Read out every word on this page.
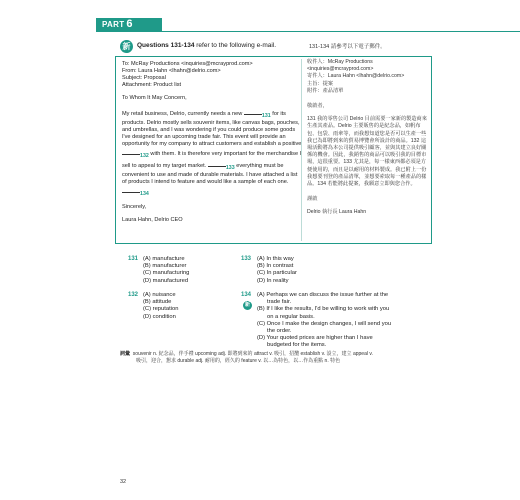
PART 6
新	Questions 131-134 refer to the following e-mail.	131-134 請參考以下電子郵件。
To: McRay Productions <inquiries@mcrayprod.com>
From: Laura Hahn <lhahn@delrio.com>
Subject: Proposal
Attachment: Product list
To Whom It May Concern,
My retail business, Delrio, currently needs a new	$_{131}$ for its products. Delrio mostly sells souvenir items, like canvas bags, pouches, and umbrellas, and I was wondering if you could produce some goods I've designed for an upcoming trade fair. This event will provide an opportunity for my company to attract customers and establish a positive $_{132}$ with them. It is therefore very important for the merchandise I sell to appeal to my target market.	$_{133}$ everything must be convenient to use and made of durable materials. I have attached a list of products I intend to feature and would like a sample of each one. $_{134}$
Sincerely,
Laura Hahn, Delrio CEO
收件人：McRay Productions
<inquiries@mcrayprod.com>
寄件人：Laura Hahn <lhahn@delrio.com>
主旨：提案
附件：產品清單
敬啟者，
131 我的零售公司 Delrio 目前需要一家新的製造商來生產其產品。Delrio 主要販售的是紀念品，如帆布包、包袋、雨傘等，而我想知道您是否可以生產一些我已為即將到來的貿易博覽會所設計的商品。132 這場活動將為本公司提供吸引顧客，並與其建立良好關係的機會。因此，我銷售的商品可以吸引我的目標市場，這很重要。133 尤其是，每一樣東西都必須是方便使用的，而且是以耐用的材料製成。我已附上一份我想要刊登的產品清單，並想要索取每一種產品的樣品。134 若能將此提案，我願意立即與您合作。
謹啟
Delrio 執行長 Laura Hahn
131 (A) manufacture
(B) manufacturer
(C) manufacturing
(D) manufactured
132 (A) nuisance
(B) attitude
(C) reputation
(D) condition
133 (A) In this way
(B) In contrast
(C) In particular
(D) In reality
134
新
(A) Perhaps we can discuss the issue further at the
trade fair.
(B) If I like the results, I'd be willing to work with you
on a regular basis.
(C) Once I make the design changes, I will send you
the order.
(D) Your quoted prices are higher than I have
budgeted for the items.
詞彙 souvenir n. 紀念品，伴手禮 upcoming adj. 即將到來的 attract v. 吸引，招攬 establish v. 設立，建立 appeal v.
吸引，迎合，懇求 durable adj. 耐用的，經久的 feature v. 以…為特色，以…作為重點 n. 特色
32
